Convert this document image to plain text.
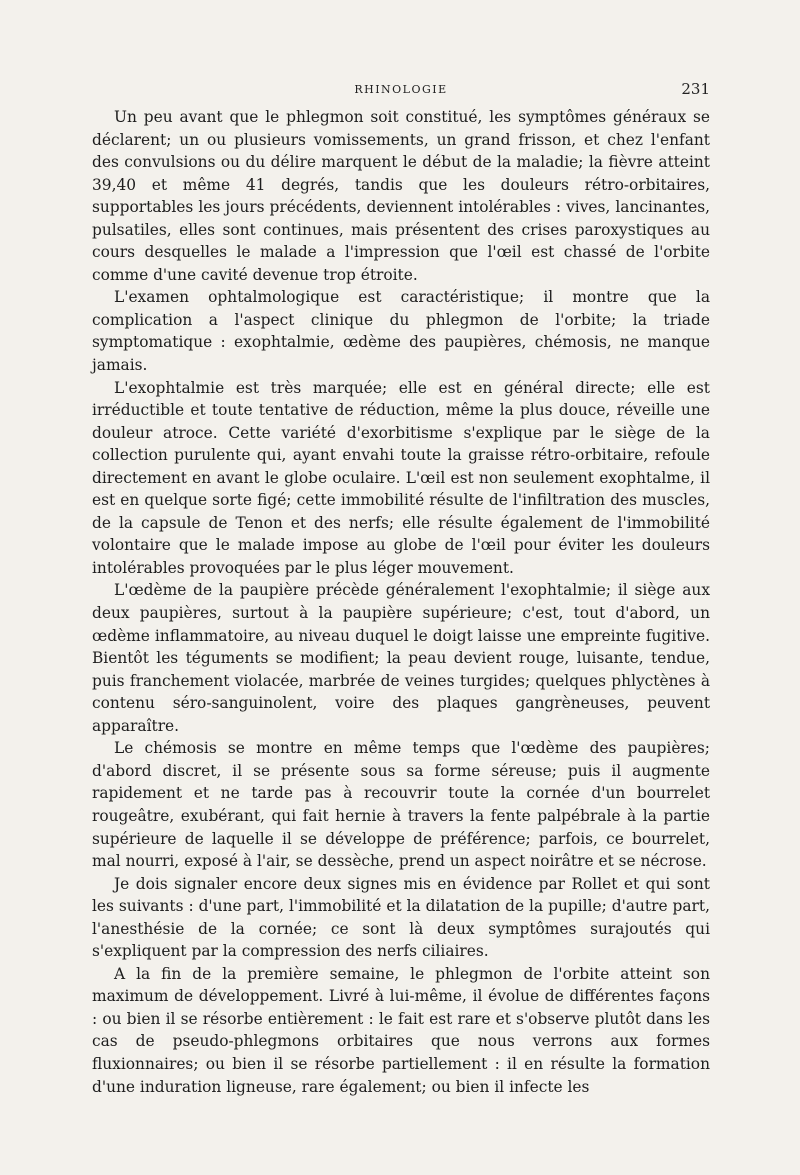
RHINOLOGIE	231

Un peu avant que le phlegmon soit constitué, les symptômes généraux se déclarent; un ou plusieurs vomissements, un grand frisson, et chez l'enfant des convulsions ou du délire marquent le début de la maladie; la fièvre atteint 39,40 et même 41 degrés, tandis que les douleurs rétro-orbitaires, supportables les jours précédents, deviennent intolérables : vives, lancinantes, pulsatiles, elles sont continues, mais présentent des crises paroxystiques au cours desquelles le malade a l'impression que l'œil est chassé de l'orbite comme d'une cavité devenue trop étroite.

L'examen ophtalmologique est caractéristique; il montre que la complication a l'aspect clinique du phlegmon de l'orbite; la triade symptomatique : exophtalmie, œdème des paupières, chémosis, ne manque jamais.

L'exophtalmie est très marquée; elle est en général directe; elle est irréductible et toute tentative de réduction, même la plus douce, réveille une douleur atroce. Cette variété d'exorbitisme s'explique par le siège de la collection purulente qui, ayant envahi toute la graisse rétro-orbitaire, refoule directement en avant le globe oculaire. L'œil est non seulement exophtalme, il est en quelque sorte figé; cette immobilité résulte de l'infiltration des muscles, de la capsule de Tenon et des nerfs; elle résulte également de l'immobilité volontaire que le malade impose au globe de l'œil pour éviter les douleurs intolérables provoquées par le plus léger mouvement.

L'œdème de la paupière précède généralement l'exophtalmie; il siège aux deux paupières, surtout à la paupière supérieure; c'est, tout d'abord, un œdème inflammatoire, au niveau duquel le doigt laisse une empreinte fugitive. Bientôt les téguments se modifient; la peau devient rouge, luisante, tendue, puis franchement violacée, marbrée de veines turgides; quelques phlyctènes à contenu séro-sanguinolent, voire des plaques gangrèneuses, peuvent apparaître.

Le chémosis se montre en même temps que l'œdème des paupières; d'abord discret, il se présente sous sa forme séreuse; puis il augmente rapidement et ne tarde pas à recouvrir toute la cornée d'un bourrelet rougeâtre, exubérant, qui fait hernie à travers la fente palpébrale à la partie supérieure de laquelle il se développe de préférence; parfois, ce bourrelet, mal nourri, exposé à l'air, se dessèche, prend un aspect noirâtre et se nécrose.

Je dois signaler encore deux signes mis en évidence par Rollet et qui sont les suivants : d'une part, l'immobilité et la dilatation de la pupille; d'autre part, l'anesthésie de la cornée; ce sont là deux symptômes surajoutés qui s'expliquent par la compression des nerfs ciliaires.

A la fin de la première semaine, le phlegmon de l'orbite atteint son maximum de développement. Livré à lui-même, il évolue de différentes façons : ou bien il se résorbe entièrement : le fait est rare et s'observe plutôt dans les cas de pseudo-phlegmons orbitaires que nous verrons aux formes fluxionnaires; ou bien il se résorbe partiellement : il en résulte la formation d'une induration ligneuse, rare également; ou bien il infecte les
